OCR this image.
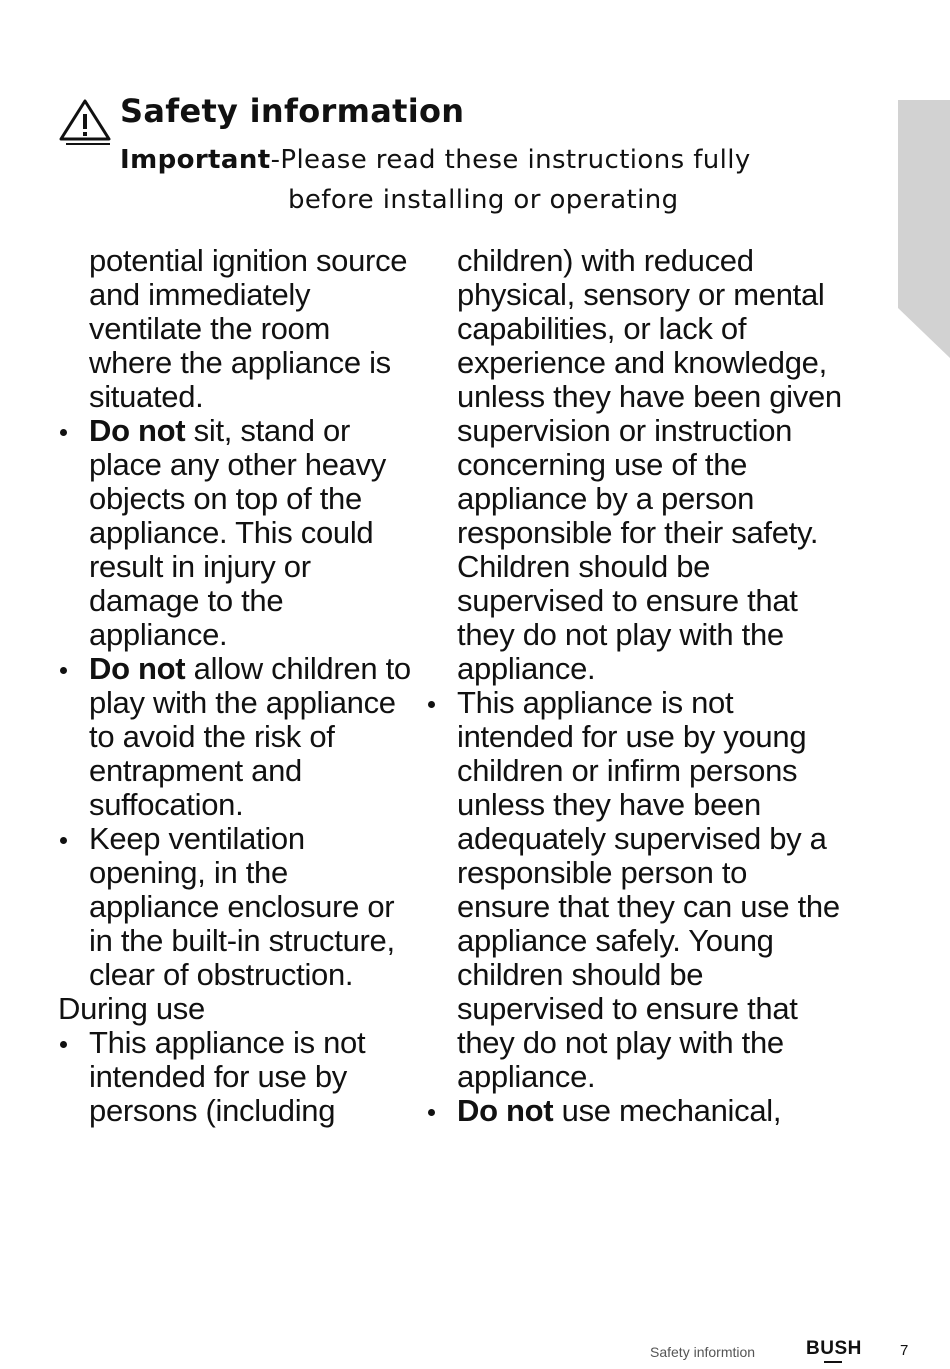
Safety information
Important-Please read these instructions fully
before installing or operating
potential ignition source and immediately ventilate the room where the appliance is situated.
Do not sit, stand or place any other heavy objects on top of the appliance. This could result in injury or damage to the appliance.
Do not allow children to play with the appliance
to avoid the risk of entrapment and suffocation.
Keep ventilation opening, in the appliance enclosure or in the built-in structure, clear of obstruction.
During use
This appliance is not intended for use by persons (including
children) with reduced physical, sensory or mental capabilities, or lack of experience and knowledge, unless they have been given supervision or instruction concerning use of the appliance by a person responsible for their safety. Children should be supervised to ensure that they do not play with the appliance.
This appliance is not intended for use by young children or infirm persons unless they have been adequately supervised by a responsible person to ensure that they can use the appliance safely. Young children should be supervised to ensure that they do not play with the appliance.
Do not use mechanical,
Safety informtion	BUSH	7
